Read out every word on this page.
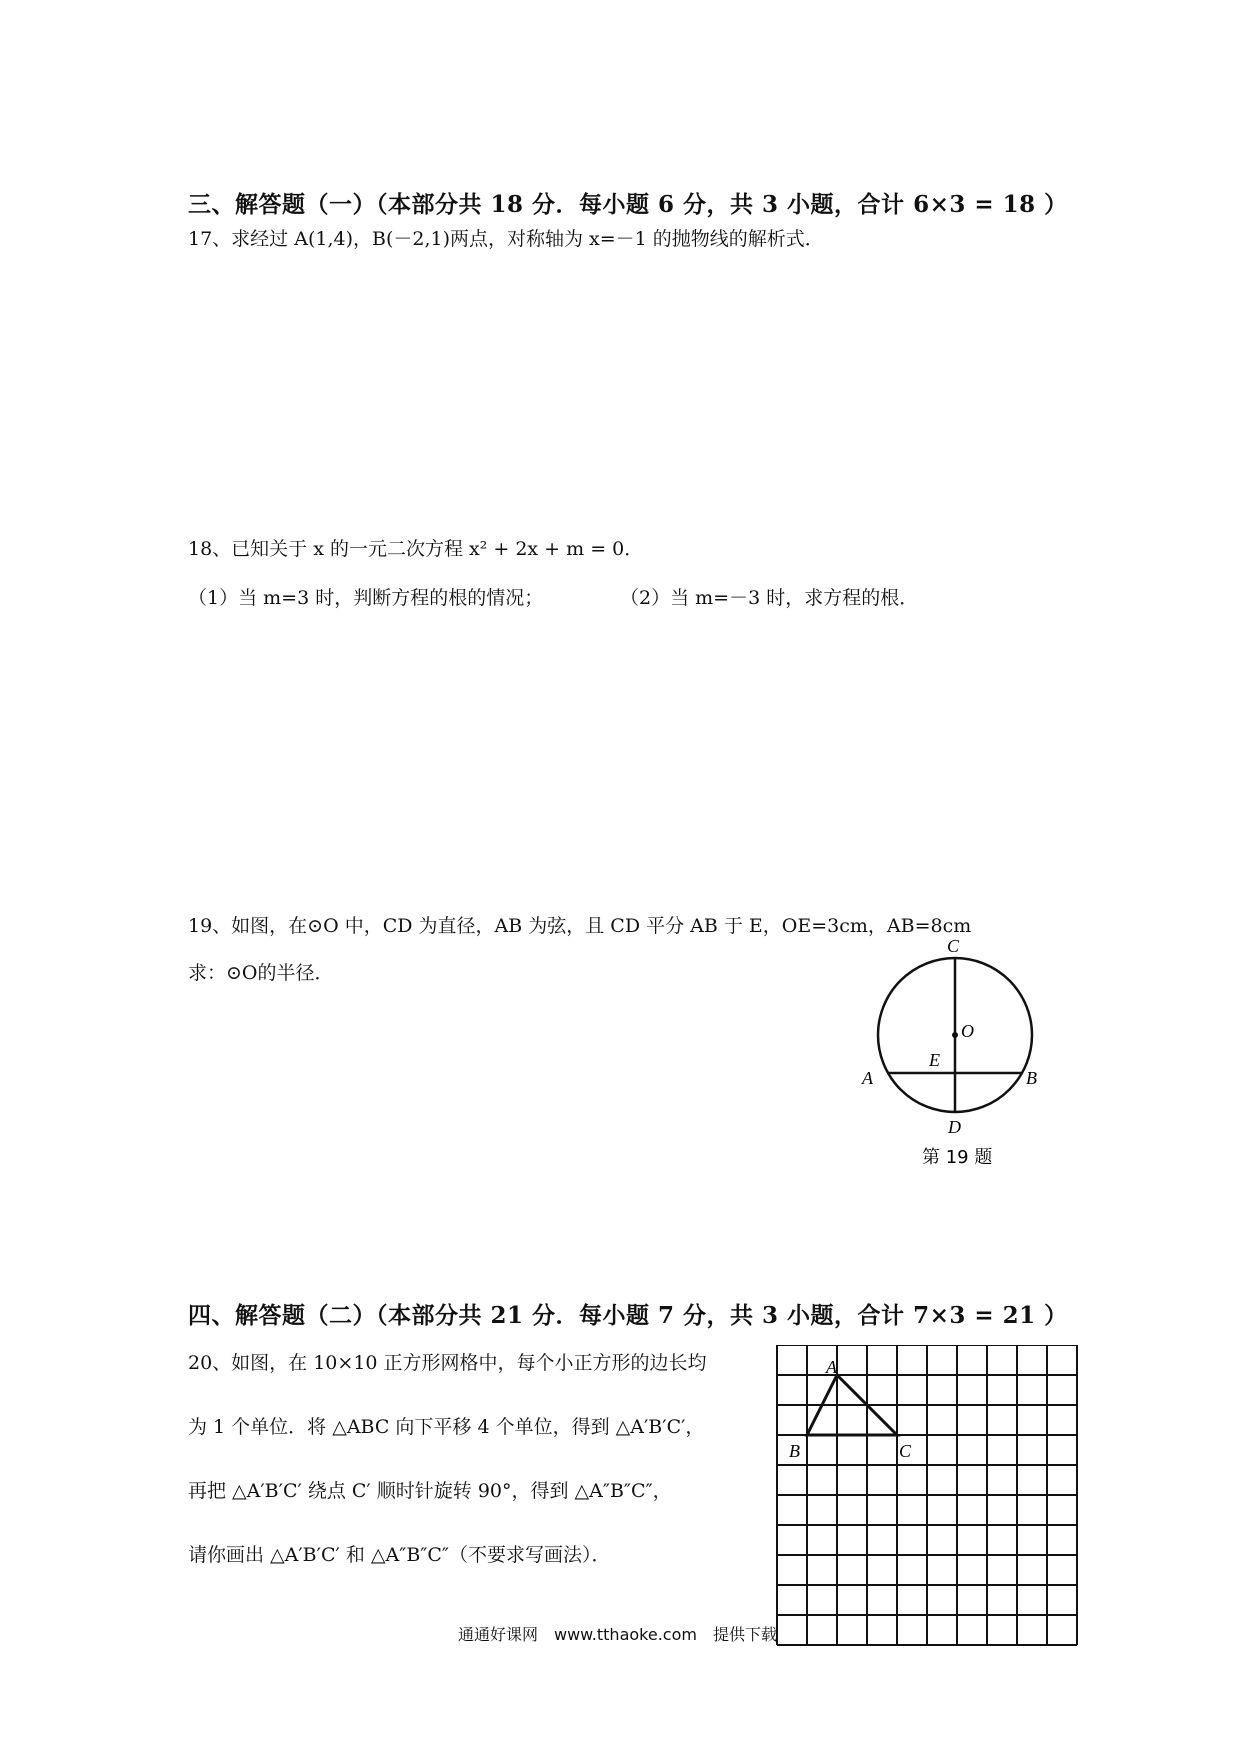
三、解答题（一）（本部分共 18 分．每小题 6 分，共 3 小题，合计 6×3 = 18 ）
17、求经过 A(1,4)，B(－2,1)两点，对称轴为 x=－1 的抛物线的解析式．
18、已知关于 x 的一元二次方程 x² + 2x + m = 0．
（1）当 m=3 时，判断方程的根的情况；	（2）当 m=－3 时，求方程的根．
19、如图，在⊙O 中，CD 为直径，AB 为弦，且 CD 平分 AB 于 E，OE=3cm，AB=8cm
求：⊙O的半径．
C
O
E
A	B
D
第 19 题
四、解答题（二）（本部分共 21 分．每小题 7 分，共 3 小题，合计 7×3 = 21 ）
20、如图，在 10×10 正方形网格中，每个小正方形的边长均
为 1 个单位．将 △ABC 向下平移 4 个单位，得到 △A′B′C′，
再把 △A′B′C′ 绕点 C′ 顺时针旋转 90°，得到 △A″B″C″，
请你画出 △A′B′C′ 和 △A″B″C″（不要求写画法）．
A
B	C
通通好课网　www.tthaoke.com　提供下载
